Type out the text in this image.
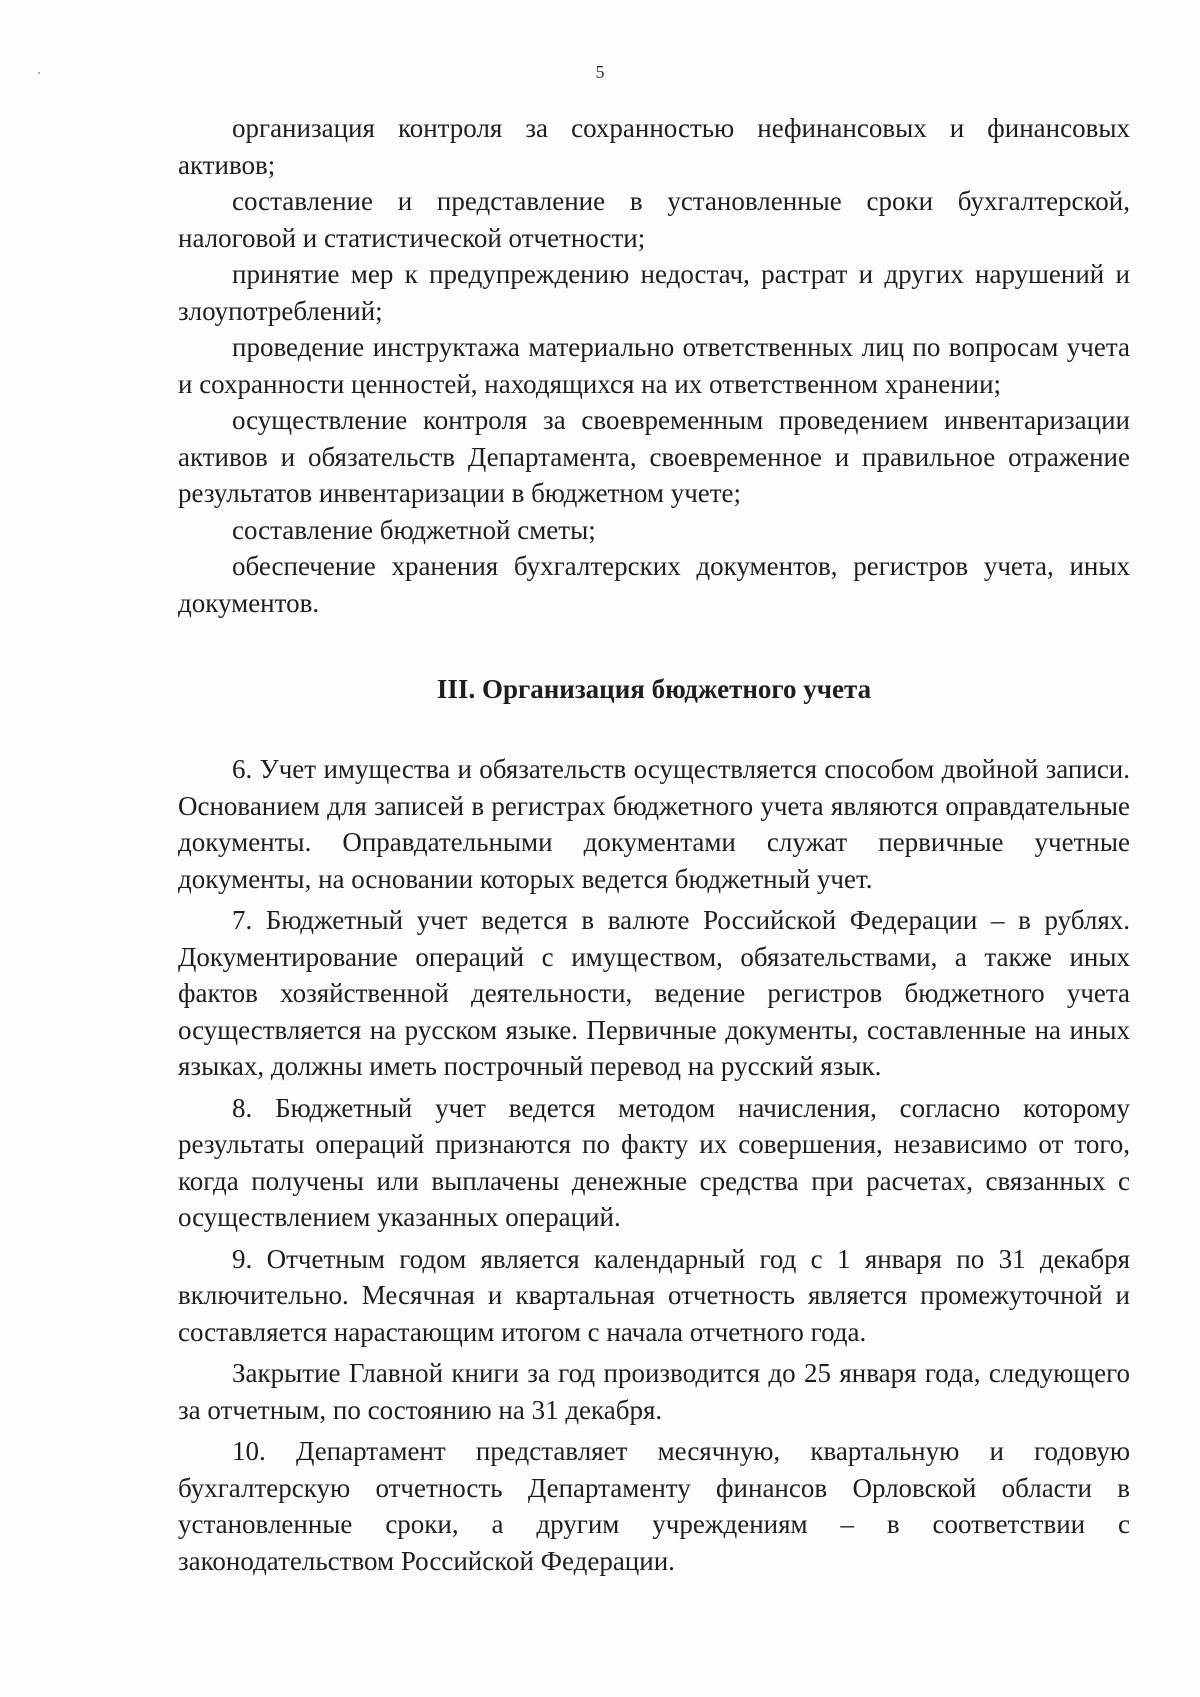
5

организация контроля за сохранностью нефинансовых и финансовых активов;

составление и представление в установленные сроки бухгалтерской, налоговой и статистической отчетности;

принятие мер к предупреждению недостач, растрат и других нарушений и злоупотреблений;

проведение инструктажа материально ответственных лиц по вопросам учета и сохранности ценностей, находящихся на их ответственном хранении;

осуществление контроля за своевременным проведением инвентаризации активов и обязательств Департамента, своевременное и правильное отражение результатов инвентаризации в бюджетном учете;

составление бюджетной сметы;

обеспечение хранения бухгалтерских документов, регистров учета, иных документов.

III. Организация бюджетного учета

6. Учет имущества и обязательств осуществляется способом двойной записи. Основанием для записей в регистрах бюджетного учета являются оправдательные документы. Оправдательными документами служат первичные учетные документы, на основании которых ведется бюджетный учет.

7. Бюджетный учет ведется в валюте Российской Федерации – в рублях. Документирование операций с имуществом, обязательствами, а также иных фактов хозяйственной деятельности, ведение регистров бюджетного учета осуществляется на русском языке. Первичные документы, составленные на иных языках, должны иметь построчный перевод на русский язык.

8. Бюджетный учет ведется методом начисления, согласно которому результаты операций признаются по факту их совершения, независимо от того, когда получены или выплачены денежные средства при расчетах, связанных с осуществлением указанных операций.

9. Отчетным годом является календарный год с 1 января по 31 декабря включительно. Месячная и квартальная отчетность является промежуточной и составляется нарастающим итогом с начала отчетного года.

Закрытие Главной книги за год производится до 25 января года, следующего за отчетным, по состоянию на 31 декабря.

10. Департамент представляет месячную, квартальную и годовую бухгалтерскую отчетность Департаменту финансов Орловской области в установленные сроки, а другим учреждениям – в соответствии с законодательством Российской Федерации.
